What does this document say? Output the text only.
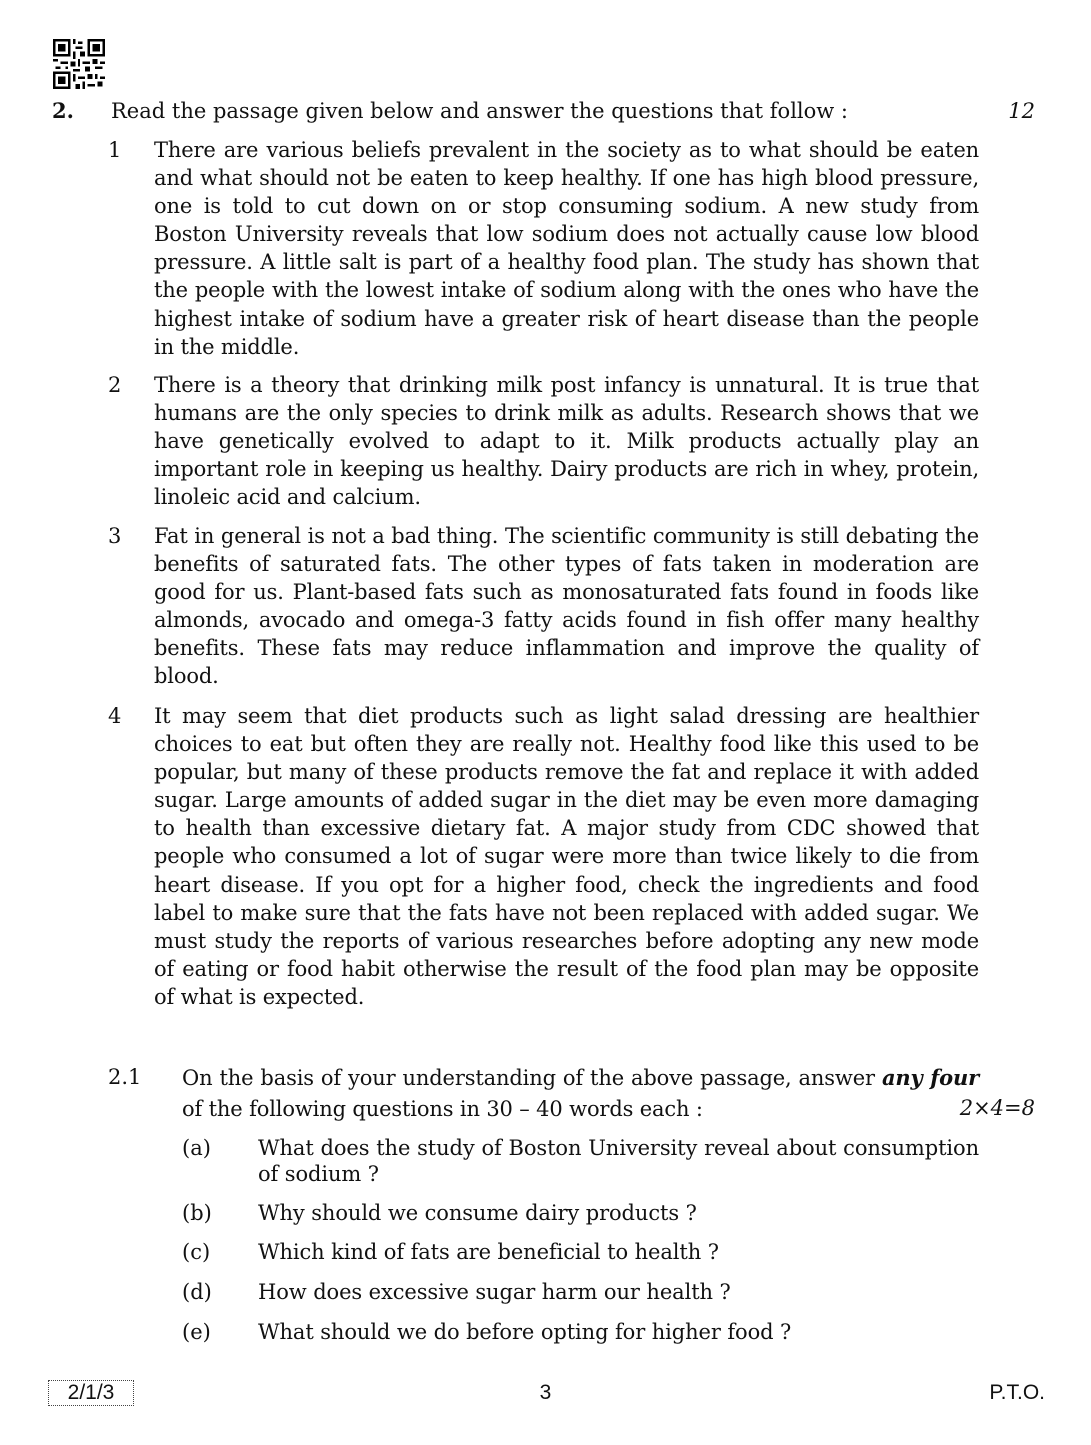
2. Read the passage given below and answer the questions that follow :	12
1	There are various beliefs prevalent in the society as to what should be eaten and what should not be eaten to keep healthy. If one has high blood pressure, one is told to cut down on or stop consuming sodium. A new study from Boston University reveals that low sodium does not actually cause low blood pressure. A little salt is part of a healthy food plan. The study has shown that the people with the lowest intake of sodium along with the ones who have the highest intake of sodium have a greater risk of heart disease than the people in the middle.
2	There is a theory that drinking milk post infancy is unnatural. It is true that humans are the only species to drink milk as adults. Research shows that we have genetically evolved to adapt to it. Milk products actually play an important role in keeping us healthy. Dairy products are rich in whey, protein, linoleic acid and calcium.
3	Fat in general is not a bad thing. The scientific community is still debating the benefits of saturated fats. The other types of fats taken in moderation are good for us. Plant-based fats such as monosaturated fats found in foods like almonds, avocado and omega-3 fatty acids found in fish offer many healthy benefits. These fats may reduce inflammation and improve the quality of blood.
4	It may seem that diet products such as light salad dressing are healthier choices to eat but often they are really not. Healthy food like this used to be popular, but many of these products remove the fat and replace it with added sugar. Large amounts of added sugar in the diet may be even more damaging to health than excessive dietary fat. A major study from CDC showed that people who consumed a lot of sugar were more than twice likely to die from heart disease. If you opt for a higher food, check the ingredients and food label to make sure that the fats have not been replaced with added sugar. We must study the reports of various researches before adopting any new mode of eating or food habit otherwise the result of the food plan may be opposite of what is expected.
2.1 On the basis of your understanding of the above passage, answer any four of the following questions in 30 – 40 words each :	2×4=8
(a) What does the study of Boston University reveal about consumption of sodium ?
(b) Why should we consume dairy products ?
(c) Which kind of fats are beneficial to health ?
(d) How does excessive sugar harm our health ?
(e) What should we do before opting for higher food ?
2/1/3	3	P.T.O.
